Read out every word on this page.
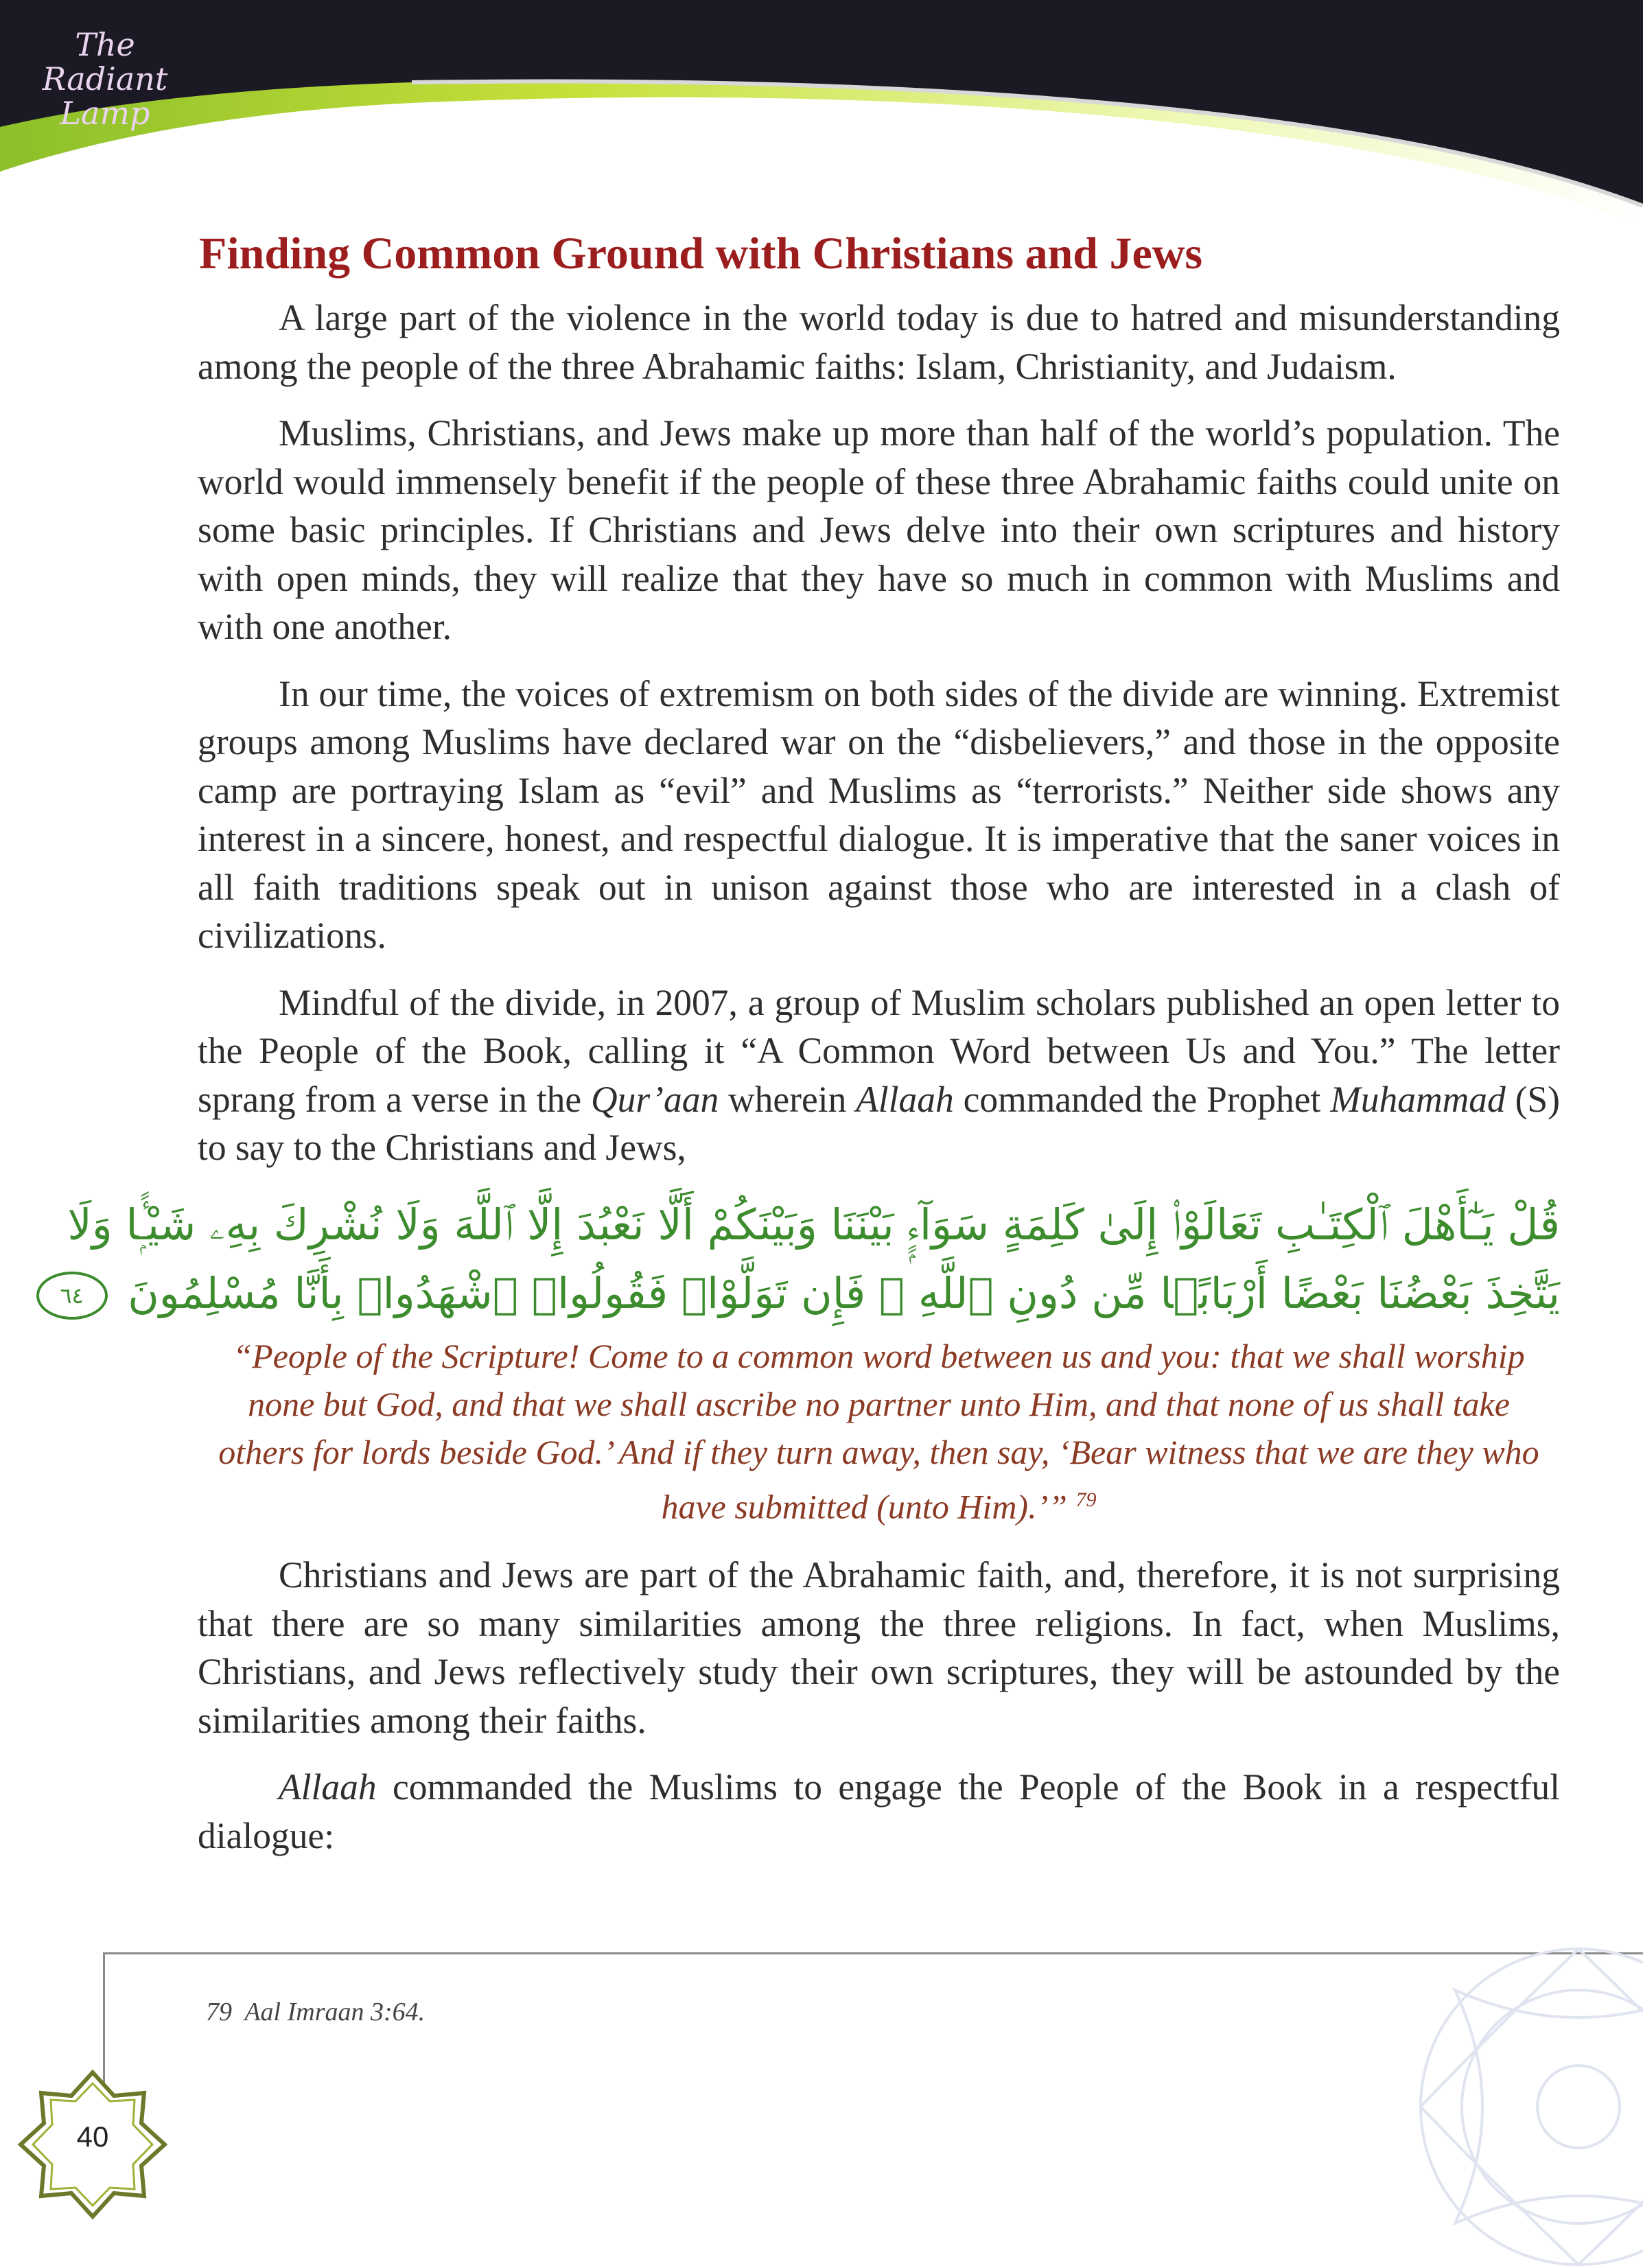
The
Radiant
Lamp
Finding Common Ground with Christians and Jews

A large part of the violence in the world today is due to hatred and misunderstanding among the people of the three Abrahamic faiths: Islam, Christianity, and Judaism.

Muslims, Christians, and Jews make up more than half of the world’s population. The world would immensely benefit if the people of these three Abrahamic faiths could unite on some basic principles. If Christians and Jews delve into their own scriptures and history with open minds, they will realize that they have so much in common with Muslims and with one another.

In our time, the voices of extremism on both sides of the divide are winning. Extremist groups among Muslims have declared war on the “disbelievers,” and those in the opposite camp are portraying Islam as “evil” and Muslims as “terrorists.” Neither side shows any interest in a sincere, honest, and respectful dialogue. It is imperative that the saner voices in all faith traditions speak out in unison against those who are interested in a clash of civilizations.

Mindful of the divide, in 2007, a group of Muslim scholars published an open letter to the People of the Book, calling it “A Common Word between Us and You.” The letter sprang from a verse in the Qur’aan wherein Allaah commanded the Prophet Muhammad (S) to say to the Christians and Jews,

قُلْ يَـٰٓأَهْلَ ٱلْكِتَـٰبِ تَعَالَوْا۟ إِلَىٰ كَلِمَةٍ سَوَآءٍۭ بَيْنَنَا وَبَيْنَكُمْ أَلَّا نَعْبُدَ إِلَّا ٱللَّهَ وَلَا نُشْرِكَ بِهِۦ شَيْـًۭٔا وَلَا
يَتَّخِذَ بَعْضُنَا بَعْضًا أَرْبَابًۭا مِّن دُونِ ٱللَّهِ ۚ فَإِن تَوَلَّوْا۟ فَقُولُوا۟ ٱشْهَدُوا۟ بِأَنَّا مُسْلِمُونَ ٦٤
“People of the Scripture! Come to a common word between us and you: that we shall worship none but God, and that we shall ascribe no partner unto Him, and that none of us shall take others for lords beside God.’ And if they turn away, then say, ‘Bear witness that we are they who have submitted (unto Him).’” $^{79}$

Christians and Jews are part of the Abrahamic faith, and, therefore, it is not surprising that there are so many similarities among the three religions. In fact, when Muslims, Christians, and Jews reflectively study their own scriptures, they will be astounded by the similarities among their faiths.

Allaah commanded the Muslims to engage the People of the Book in a respectful dialogue:

79 Aal Imraan 3:64.
40
